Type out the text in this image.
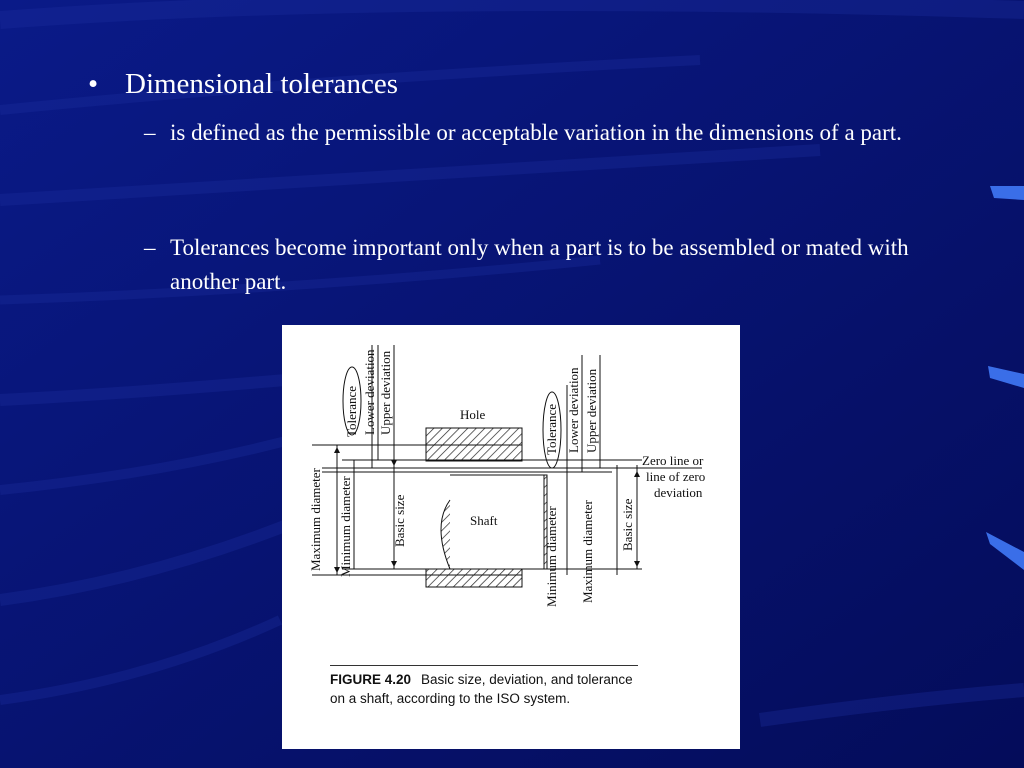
• Dimensional tolerances
– is defined as the permissible or acceptable variation in the dimensions of a part.
– Tolerances become important only when a part is to be assembled or mated with another part.
Hole
Shaft
Tolerance Lower deviation Upper deviation
Maximum diameter Minimum diameter	Basic size
Tolerance Lower deviation Upper deviation
Minimum diameter Maximum diameter Basic size
Zero line or
line of zero
deviation
FIGURE 4.20 Basic size, deviation, and tolerance on a shaft, according to the ISO system.
